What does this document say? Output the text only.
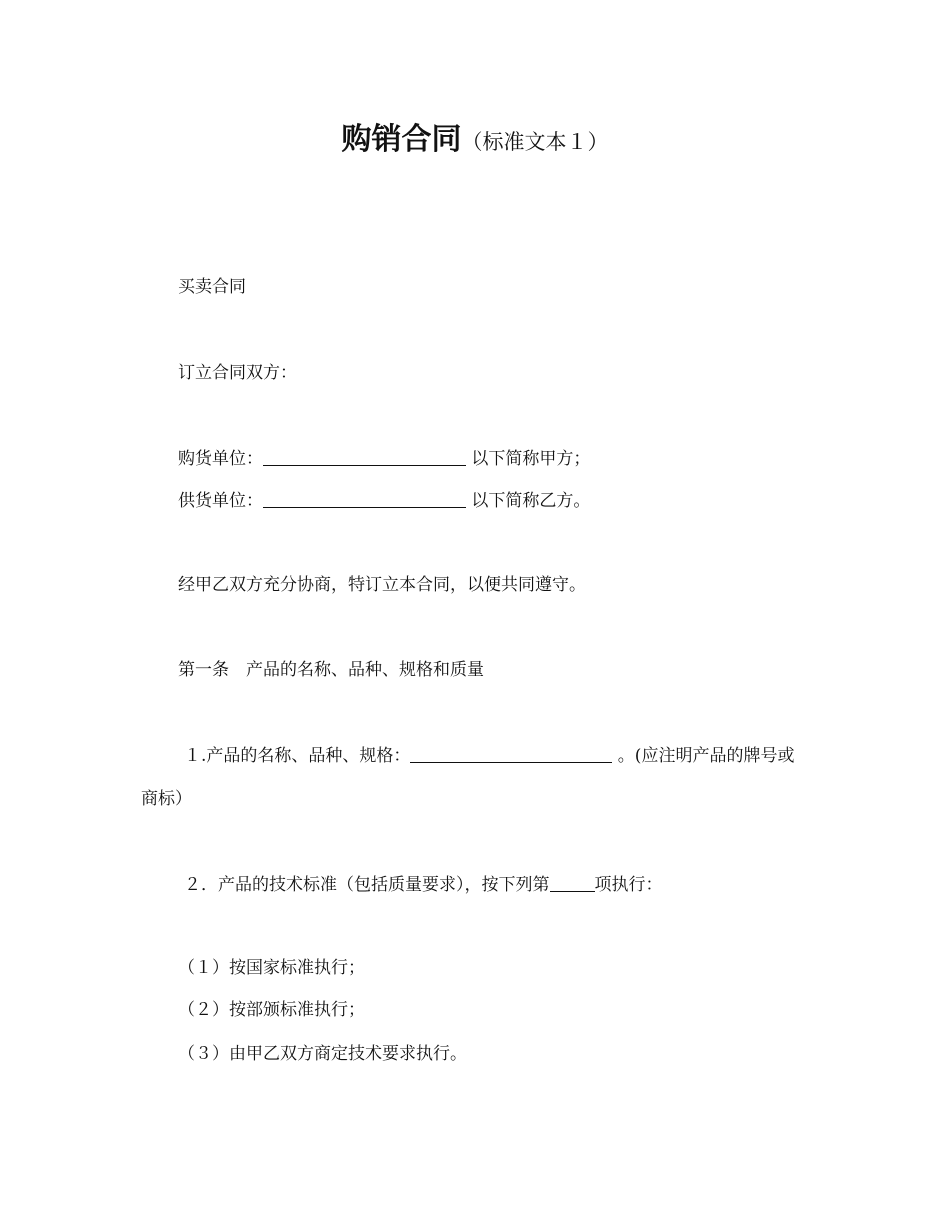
购销合同（标准文本１）
买卖合同
订立合同双方：
购货单位：	以下简称甲方；
供货单位：	以下简称乙方。
经甲乙双方充分协商，特订立本合同，以便共同遵守。
第一条　产品的名称、品种、规格和质量
１.产品的名称、品种、规格：	。(应注明产品的牌号或
商标）
２．产品的技术标准（包括质量要求），按下列第	项执行：
（１）按国家标准执行；
（２）按部颁标准执行；
（３）由甲乙双方商定技术要求执行。
